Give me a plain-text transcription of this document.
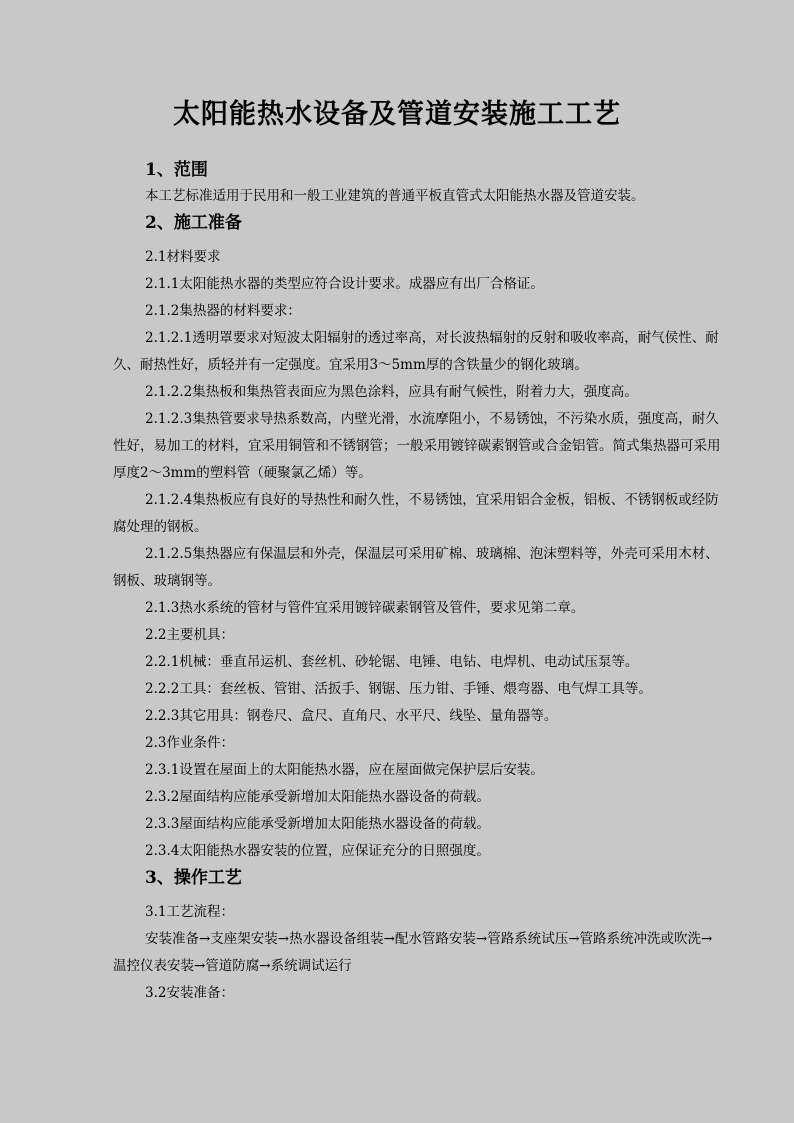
太阳能热水设备及管道安装施工工艺
1、范围

本工艺标准适用于民用和一般工业建筑的普通平板直管式太阳能热水器及管道安装。

2、施工准备

2.1材料要求

2.1.1太阳能热水器的类型应符合设计要求。成器应有出厂合格证。

2.1.2集热器的材料要求：

2.1.2.1透明罩要求对短波太阳辐射的透过率高，对长波热辐射的反射和吸收率高，耐气侯性、耐久、耐热性好，质轻并有一定强度。宜采用3～5mm厚的含铁量少的钢化玻璃。

2.1.2.2集热板和集热管表面应为黑色涂料，应具有耐气候性，附着力大，强度高。

2.1.2.3集热管要求导热系数高，内壁光滑，水流摩阻小，不易锈蚀，不污染水质，强度高，耐久性好，易加工的材料，宜采用铜管和不锈钢管；一般采用镀锌碳素钢管或合金铝管。简式集热器可采用厚度2～3mm的塑料管（硬聚氯乙烯）等。

2.1.2.4集热板应有良好的导热性和耐久性，不易锈蚀，宜采用铝合金板，铝板、不锈钢板或经防腐处理的钢板。

2.1.2.5集热器应有保温层和外壳，保温层可采用矿棉、玻璃棉、泡沫塑料等，外壳可采用木材、钢板、玻璃钢等。

2.1.3热水系统的管材与管件宜采用镀锌碳素钢管及管件，要求见第二章。

2.2主要机具：

2.2.1机械：垂直吊运机、套丝机、砂轮锯、电锤、电钻、电焊机、电动试压泵等。

2.2.2工具：套丝板、管钳、活扳手、钢锯、压力钳、手锤、煨弯器、电气焊工具等。

2.2.3其它用具：钢卷尺、盒尺、直角尺、水平尺、线坠、量角器等。

2.3作业条件：

2.3.1设置在屋面上的太阳能热水器，应在屋面做完保护层后安装。

2.3.2屋面结构应能承受新增加太阳能热水器设备的荷载。

2.3.3屋面结构应能承受新增加太阳能热水器设备的荷载。

2.3.4太阳能热水器安装的位置，应保证充分的日照强度。

3、操作工艺

3.1工艺流程：

安装准备→支座架安装→热水器设备组装→配水管路安装→管路系统试压→管路系统冲洗或吹洗→温控仪表安装→管道防腐→系统调试运行

3.2安装准备：
